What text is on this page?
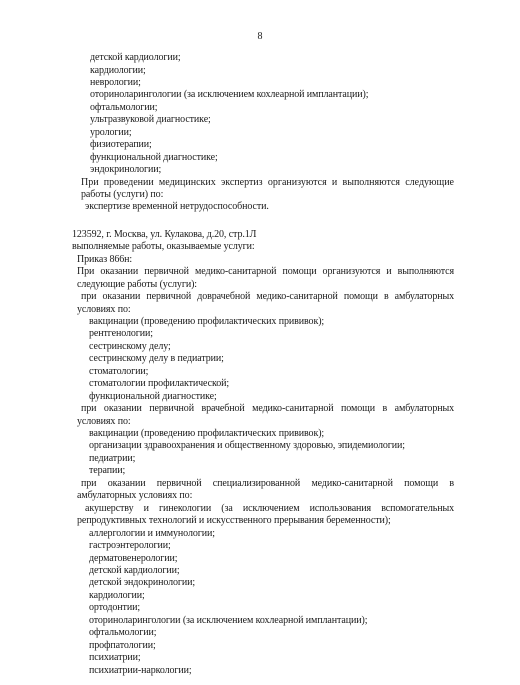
8
детской кардиологии;
кардиологии;
неврологии;
оториноларингологии (за исключением кохлеарной имплантации);
офтальмологии;
ультразвуковой диагностике;
урологии;
физиотерапии;
функциональной диагностике;
эндокринологии;
При проведении медицинских экспертиз организуются и выполняются следующие
работы (услуги) по:
экспертизе временной нетрудоспособности.
123592, г. Москва, ул. Кулакова, д.20, стр.1Л
выполняемые работы, оказываемые услуги:
Приказ 866н:
При оказании первичной медико-санитарной помощи организуются и выполняются
следующие работы (услуги):
при оказании первичной доврачебной медико-санитарной помощи в амбулаторных
условиях по:
вакцинации (проведению профилактических прививок);
рентгенологии;
сестринскому делу;
сестринскому делу в педиатрии;
стоматологии;
стоматологии профилактической;
функциональной диагностике;
при оказании первичной врачебной медико-санитарной помощи в амбулаторных
условиях по:
вакцинации (проведению профилактических прививок);
организации здравоохранения и общественному здоровью, эпидемиологии;
педиатрии;
терапии;
при оказании первичной специализированной медико-санитарной помощи в
амбулаторных условиях по:
акушерству и гинекологии (за исключением использования вспомогательных
репродуктивных технологий и искусственного прерывания беременности);
аллергологии и иммунологии;
гастроэнтерологии;
дерматовенерологии;
детской кардиологии;
детской эндокринологии;
кардиологии;
ортодонтии;
оториноларингологии (за исключением кохлеарной имплантации);
офтальмологии;
профпатологии;
психиатрии;
психиатрии-наркологии;
